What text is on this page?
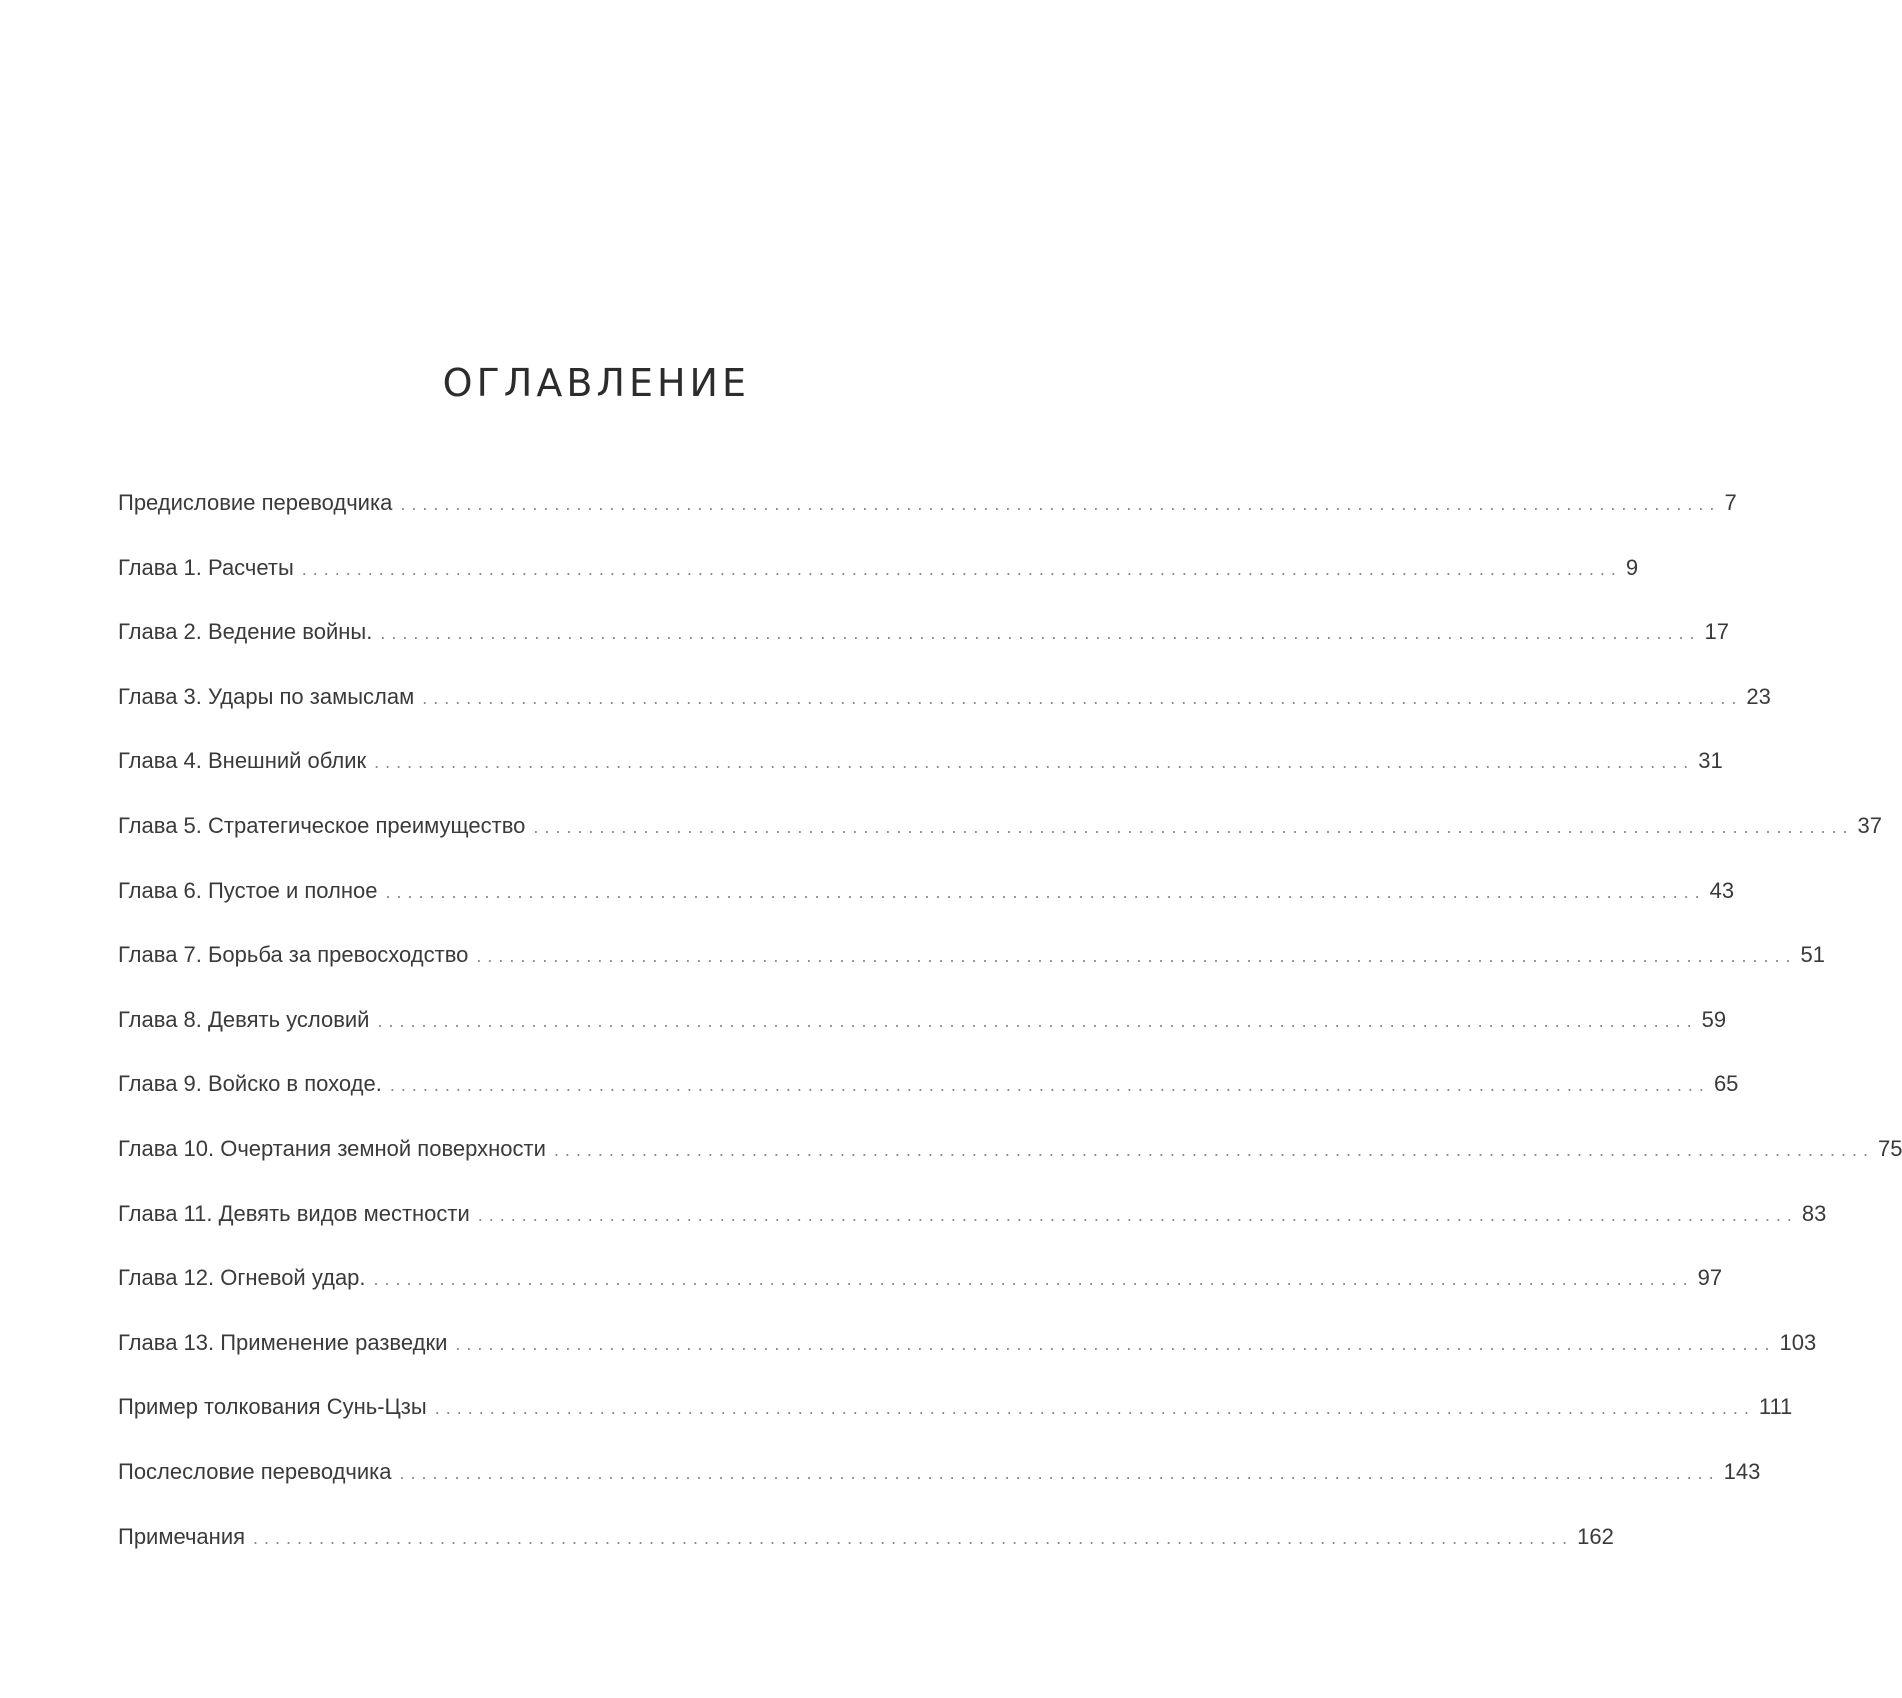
ОГЛАВЛЕНИЕ
Предисловие переводчика ........................................................................................................................ 7
Глава 1. Расчеты ........................................................................................................................ 9
Глава 2. Ведение войны. ........................................................................................................................ 17
Глава 3. Удары по замыслам ........................................................................................................................ 23
Глава 4. Внешний облик ........................................................................................................................ 31
Глава 5. Стратегическое преимущество ........................................................................................................................ 37
Глава 6. Пустое и полное ........................................................................................................................ 43
Глава 7. Борьба за превосходство ........................................................................................................................ 51
Глава 8. Девять условий ........................................................................................................................ 59
Глава 9. Войско в походе. ........................................................................................................................ 65
Глава 10. Очертания земной поверхности ........................................................................................................................ 75
Глава 11. Девять видов местности ........................................................................................................................ 83
Глава 12. Огневой удар. ........................................................................................................................ 97
Глава 13. Применение разведки ........................................................................................................................ 103
Пример толкования Сунь-Цзы ........................................................................................................................ 111
Послесловие переводчика ........................................................................................................................ 143
Примечания ........................................................................................................................ 162
